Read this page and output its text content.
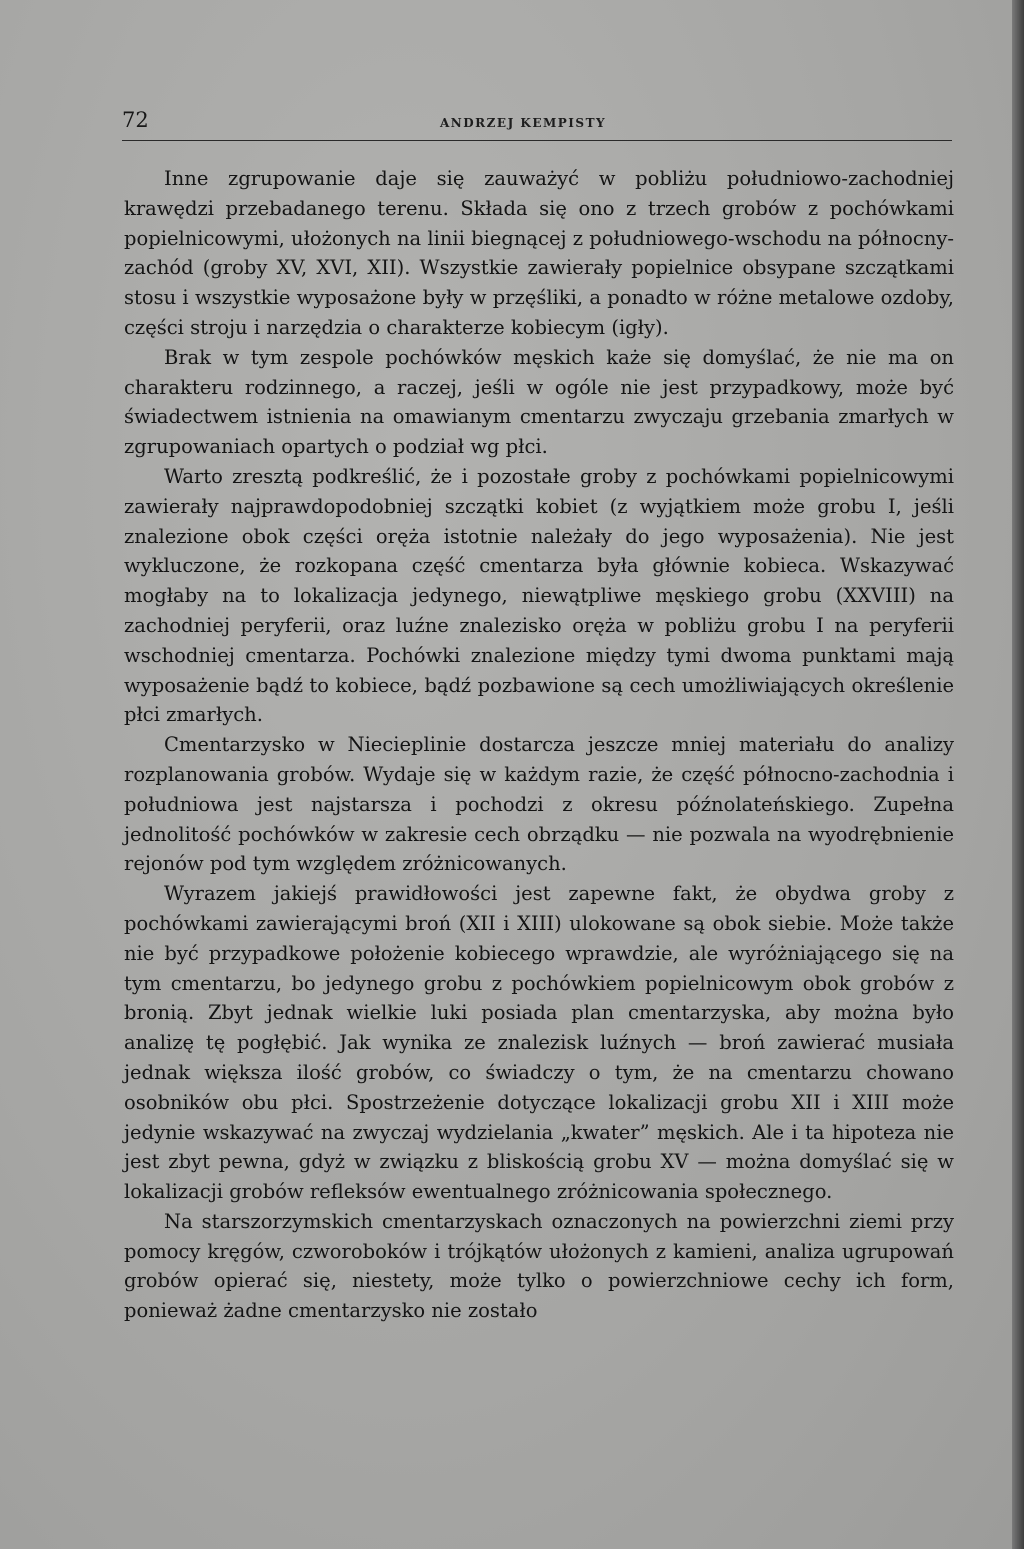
72	ANDRZEJ KEMPISTY

Inne zgrupowanie daje się zauważyć w pobliżu południowo-zachodniej krawędzi przebadanego terenu. Składa się ono z trzech grobów z pochówkami popielnicowymi, ułożonych na linii biegnącej z południowego-wschodu na północny-zachód (groby XV, XVI, XII). Wszystkie zawierały popielnice obsypane szczątkami stosu i wszystkie wyposażone były w przęśliki, a ponadto w różne metalowe ozdoby, części stroju i narzędzia o charakterze kobiecym (igły).

Brak w tym zespole pochówków męskich każe się domyślać, że nie ma on charakteru rodzinnego, a raczej, jeśli w ogóle nie jest przypadkowy, może być świadectwem istnienia na omawianym cmentarzu zwyczaju grzebania zmarłych w zgrupowaniach opartych o podział wg płci.

Warto zresztą podkreślić, że i pozostałe groby z pochówkami popielnicowymi zawierały najprawdopodobniej szczątki kobiet (z wyjątkiem może grobu I, jeśli znalezione obok części oręża istotnie należały do jego wyposażenia). Nie jest wykluczone, że rozkopana część cmentarza była głównie kobieca. Wskazywać mogłaby na to lokalizacja jedynego, niewątpliwe męskiego grobu (XXVIII) na zachodniej peryferii, oraz luźne znalezisko oręża w pobliżu grobu I na peryferii wschodniej cmentarza. Pochówki znalezione między tymi dwoma punktami mają wyposażenie bądź to kobiece, bądź pozbawione są cech umożliwiających określenie płci zmarłych.

Cmentarzysko w Niecieplinie dostarcza jeszcze mniej materiału do analizy rozplanowania grobów. Wydaje się w każdym razie, że część północno-zachodnia i południowa jest najstarsza i pochodzi z okresu późnolateńskiego. Zupełna jednolitość pochówków w zakresie cech obrządku — nie pozwala na wyodrębnienie rejonów pod tym względem zróżnicowanych.

Wyrazem jakiejś prawidłowości jest zapewne fakt, że obydwa groby z pochówkami zawierającymi broń (XII i XIII) ulokowane są obok siebie. Może także nie być przypadkowe położenie kobiecego wprawdzie, ale wyróżniającego się na tym cmentarzu, bo jedynego grobu z pochówkiem popielnicowym obok grobów z bronią. Zbyt jednak wielkie luki posiada plan cmentarzyska, aby można było analizę tę pogłębić. Jak wynika ze znalezisk luźnych — broń zawierać musiała jednak większa ilość grobów, co świadczy o tym, że na cmentarzu chowano osobników obu płci. Spostrzeżenie dotyczące lokalizacji grobu XII i XIII może jedynie wskazywać na zwyczaj wydzielania „kwater” męskich. Ale i ta hipoteza nie jest zbyt pewna, gdyż w związku z bliskością grobu XV — można domyślać się w lokalizacji grobów refleksów ewentualnego zróżnicowania społecznego.

Na starszorzymskich cmentarzyskach oznaczonych na powierzchni ziemi przy pomocy kręgów, czworoboków i trójkątów ułożonych z kamieni, analiza ugrupowań grobów opierać się, niestety, może tylko o powierzchniowe cechy ich form, ponieważ żadne cmentarzysko nie zostało
